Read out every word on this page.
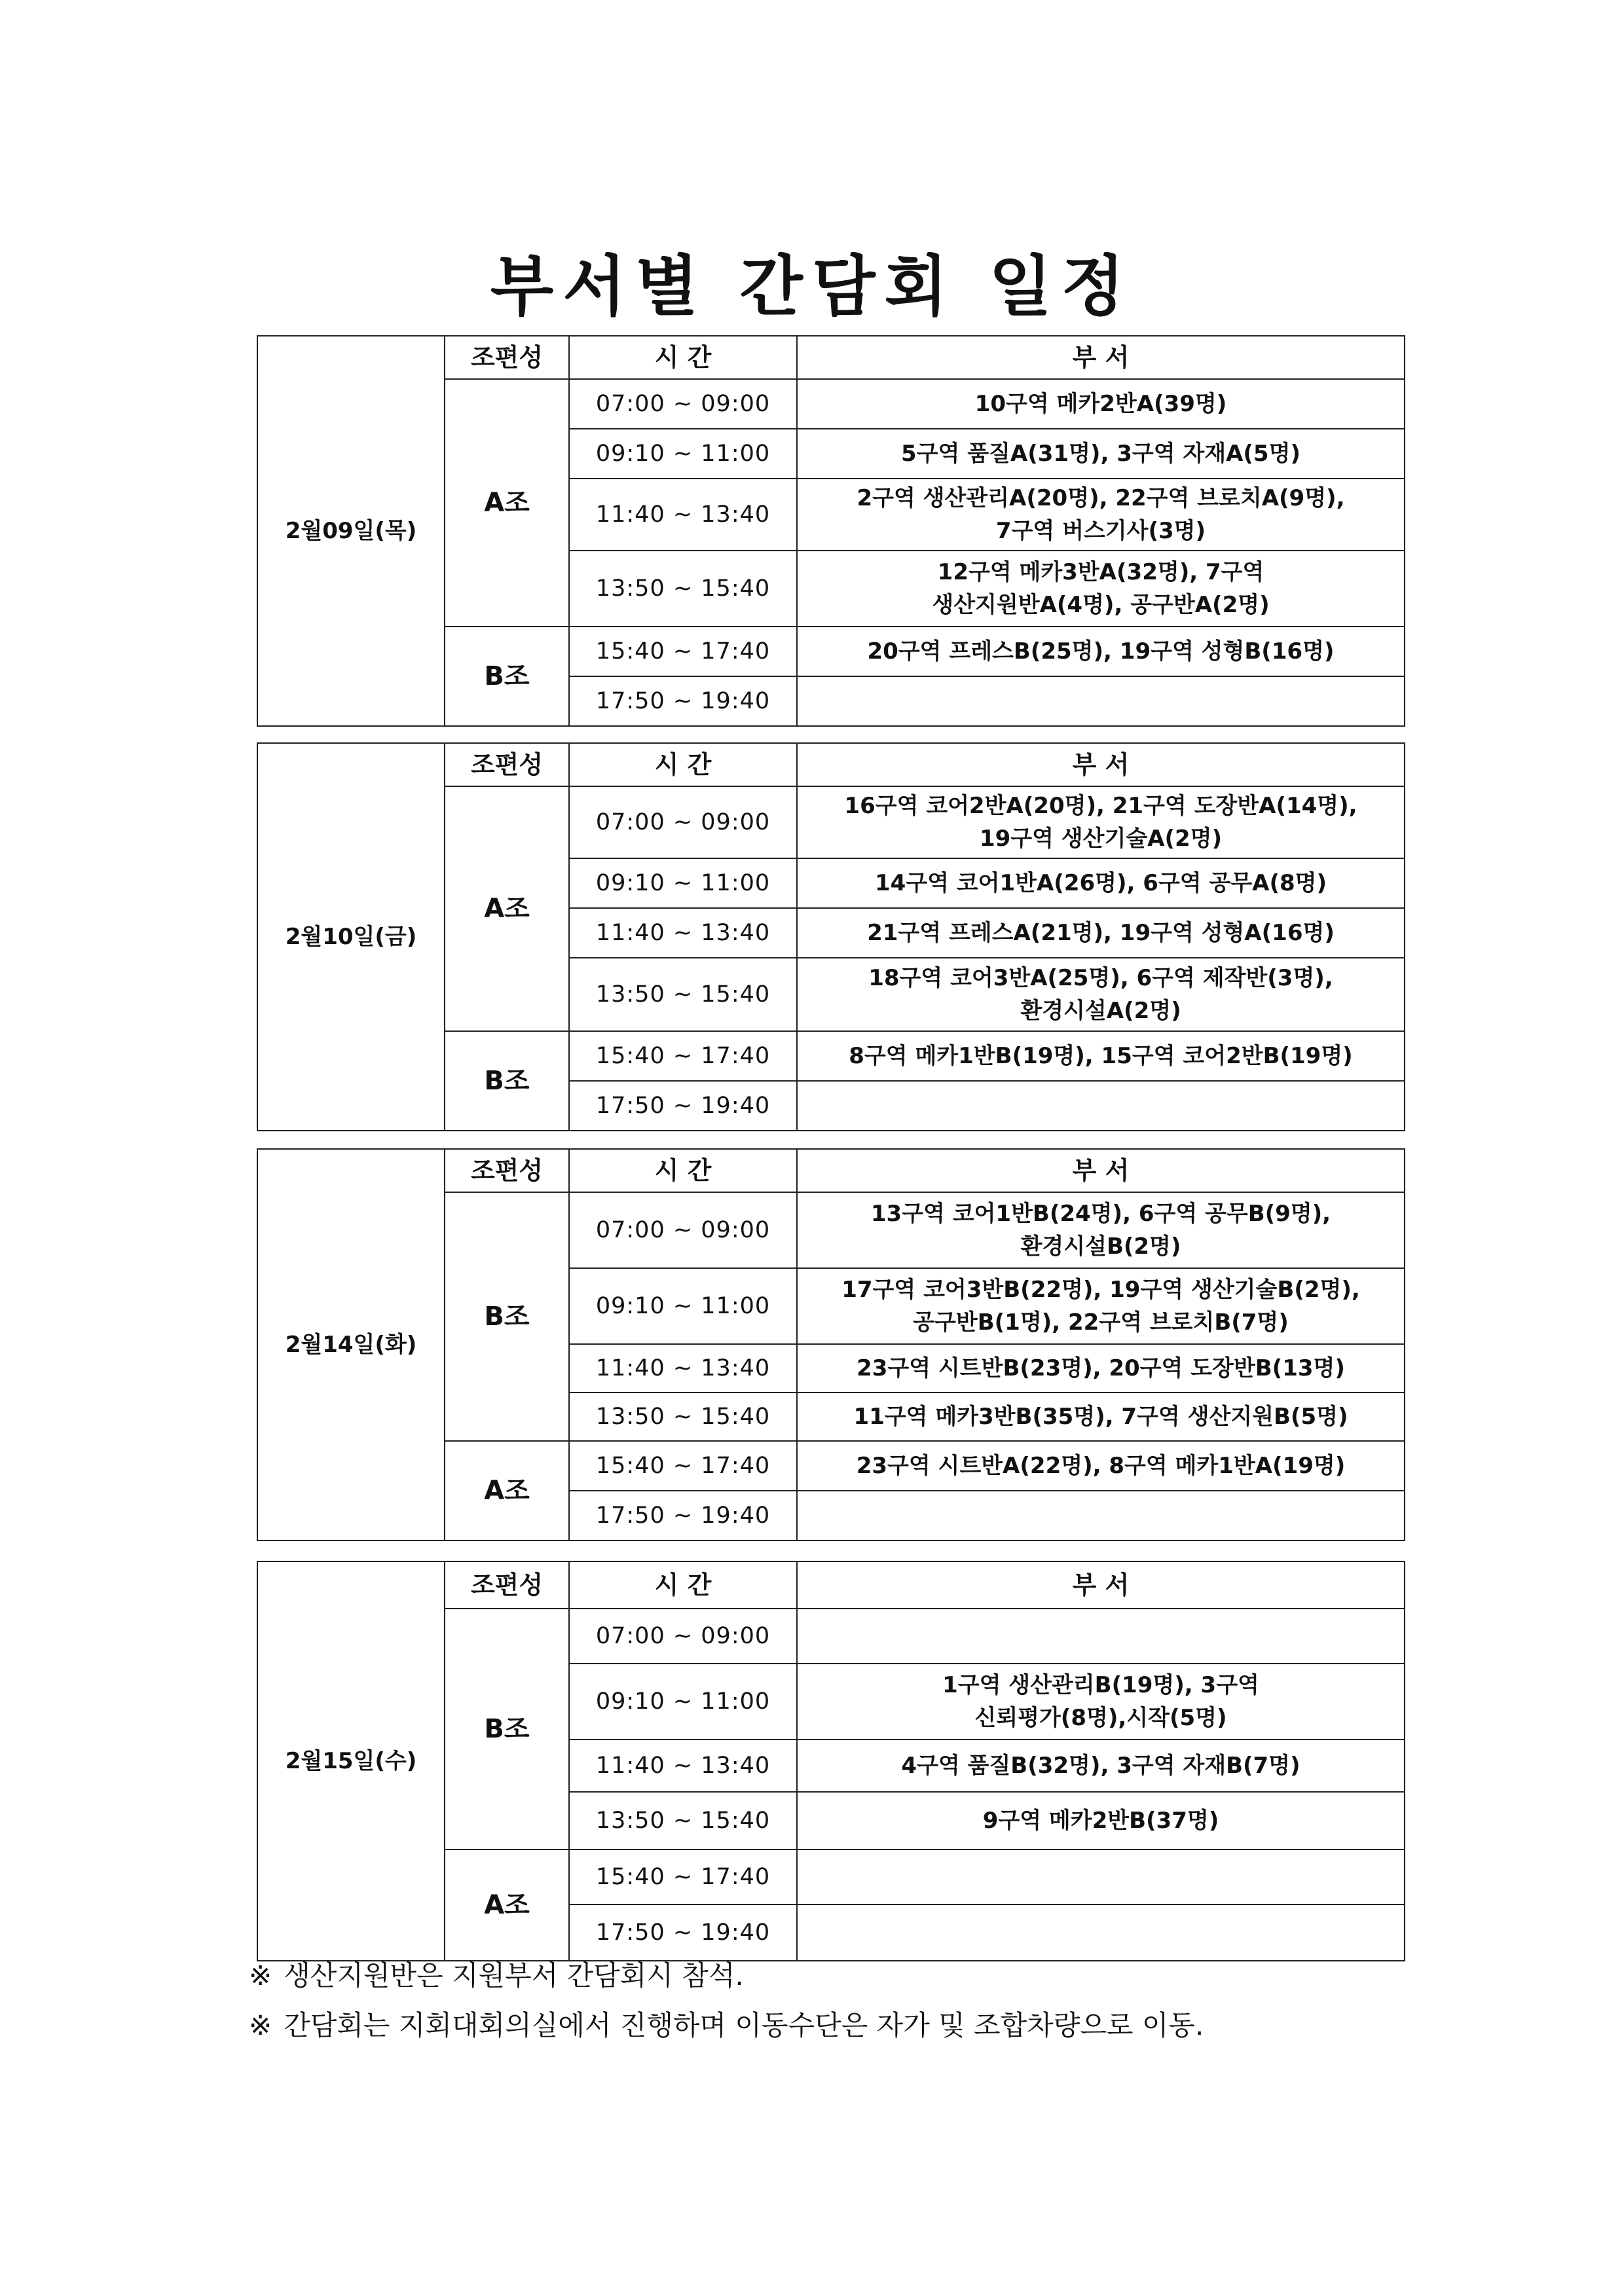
부서별 간담회 일정
2월09일(목)	조편성	시 간	부 서
	A조	07:00 ~ 09:00	10구역 메카2반A(39명)
		09:10 ~ 11:00	5구역 품질A(31명), 3구역 자재A(5명)
		11:40 ~ 13:40	2구역 생산관리A(20명), 22구역 브로치A(9명),
7구역 버스기사(3명)
		13:50 ~ 15:40	12구역 메카3반A(32명), 7구역
생산지원반A(4명), 공구반A(2명)
	B조	15:40 ~ 17:40	20구역 프레스B(25명), 19구역 성형B(16명)
		17:50 ~ 19:40	
2월10일(금)	조편성	시 간	부 서
	A조	07:00 ~ 09:00	16구역 코어2반A(20명), 21구역 도장반A(14명),
19구역 생산기술A(2명)
		09:10 ~ 11:00	14구역 코어1반A(26명), 6구역 공무A(8명)
		11:40 ~ 13:40	21구역 프레스A(21명), 19구역 성형A(16명)
		13:50 ~ 15:40	18구역 코어3반A(25명), 6구역 제작반(3명),
환경시설A(2명)
	B조	15:40 ~ 17:40	8구역 메카1반B(19명), 15구역 코어2반B(19명)
		17:50 ~ 19:40	
2월14일(화)	조편성	시 간	부 서
	B조	07:00 ~ 09:00	13구역 코어1반B(24명), 6구역 공무B(9명),
환경시설B(2명)
		09:10 ~ 11:00	17구역 코어3반B(22명), 19구역 생산기술B(2명),
공구반B(1명), 22구역 브로치B(7명)
		11:40 ~ 13:40	23구역 시트반B(23명), 20구역 도장반B(13명)
		13:50 ~ 15:40	11구역 메카3반B(35명), 7구역 생산지원B(5명)
	A조	15:40 ~ 17:40	23구역 시트반A(22명), 8구역 메카1반A(19명)
		17:50 ~ 19:40	
2월15일(수)	조편성	시 간	부 서
	B조	07:00 ~ 09:00	
		09:10 ~ 11:00	1구역 생산관리B(19명), 3구역
신뢰평가(8명),시작(5명)
		11:40 ~ 13:40	4구역 품질B(32명), 3구역 자재B(7명)
		13:50 ~ 15:40	9구역 메카2반B(37명)
	A조	15:40 ~ 17:40	
		17:50 ~ 19:40	
※ 생산지원반은 지원부서 간담회시 참석.
※ 간담회는 지회대회의실에서 진행하며 이동수단은 자가 및 조합차량으로 이동.
